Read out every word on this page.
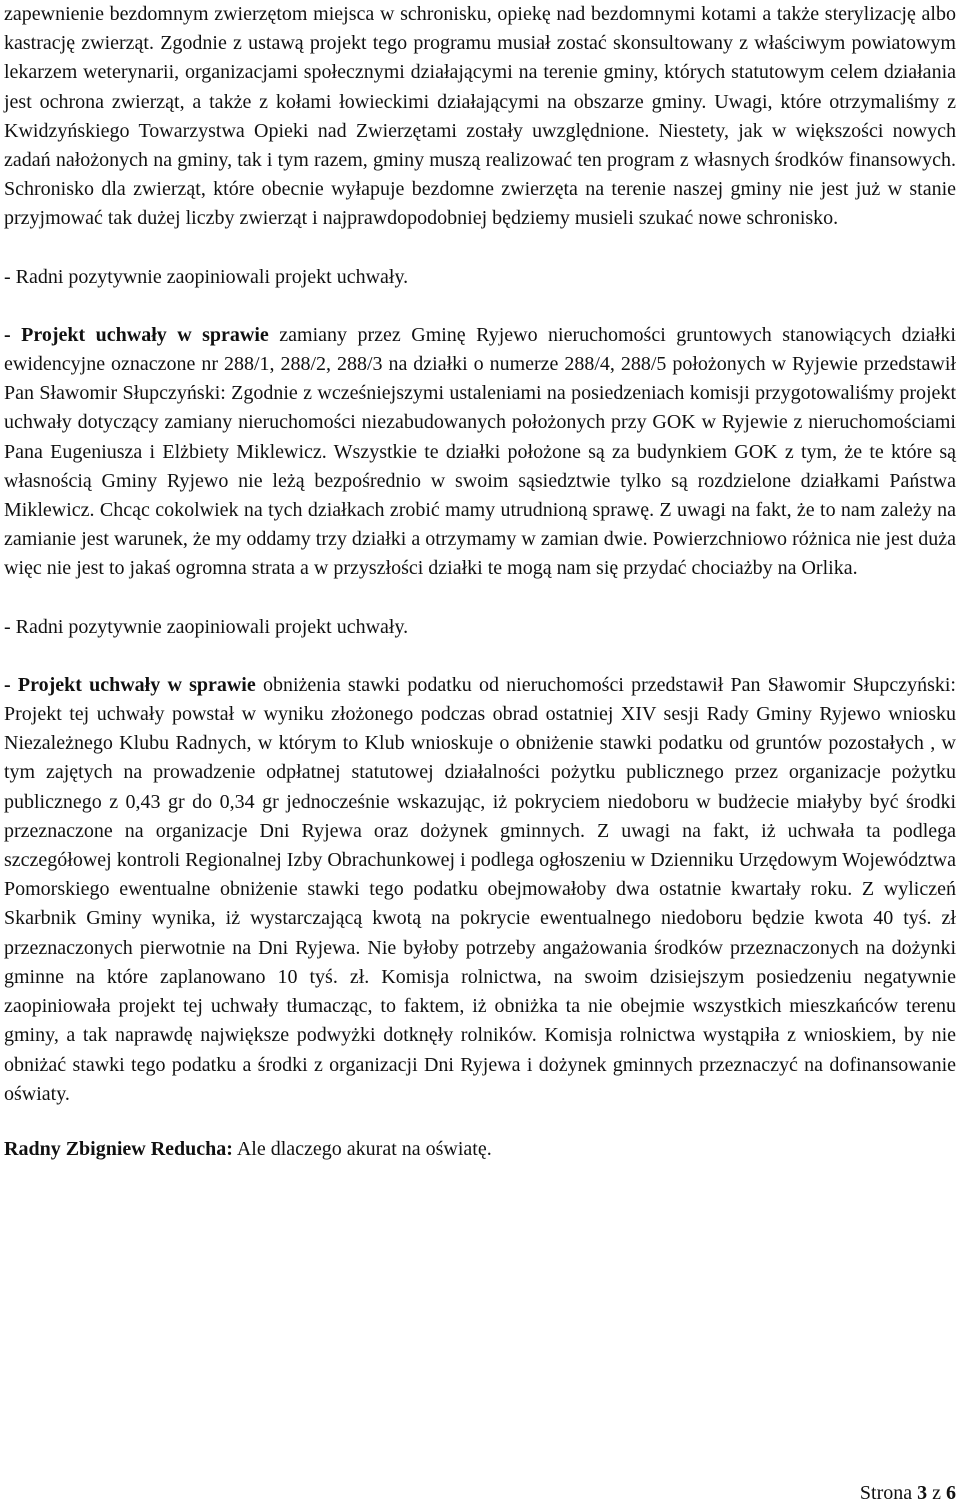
zapewnienie bezdomnym zwierzętom miejsca w schronisku, opiekę nad bezdomnymi kotami a także sterylizację albo kastrację zwierząt. Zgodnie z ustawą projekt tego programu musiał zostać skonsultowany z właściwym powiatowym lekarzem weterynarii, organizacjami społecznymi działającymi na terenie gminy, których statutowym celem działania jest ochrona zwierząt, a także z kołami łowieckimi działającymi na obszarze gminy. Uwagi, które otrzymaliśmy z Kwidzyńskiego Towarzystwa Opieki nad Zwierzętami zostały uwzględnione. Niestety, jak w większości nowych zadań nałożonych na gminy, tak i tym razem, gminy muszą realizować ten program z własnych środków finansowych. Schronisko dla zwierząt, które obecnie wyłapuje bezdomne zwierzęta na terenie naszej gminy nie jest już w stanie przyjmować tak dużej liczby zwierząt i najprawdopodobniej będziemy musieli szukać nowe schronisko.

- Radni pozytywnie zaopiniowali projekt uchwały.

- Projekt uchwały w sprawie zamiany przez Gminę Ryjewo nieruchomości gruntowych stanowiących działki ewidencyjne oznaczone nr 288/1, 288/2, 288/3 na działki o numerze 288/4, 288/5 położonych w Ryjewie przedstawił Pan Sławomir Słupczyński: Zgodnie z wcześniejszymi ustaleniami na posiedzeniach komisji przygotowaliśmy projekt uchwały dotyczący zamiany nieruchomości niezabudowanych położonych przy GOK w Ryjewie z nieruchomościami Pana Eugeniusza i Elżbiety Miklewicz. Wszystkie te działki położone są za budynkiem GOK z tym, że te które są własnością Gminy Ryjewo nie leżą bezpośrednio w swoim sąsiedztwie tylko są rozdzielone działkami Państwa Miklewicz. Chcąc cokolwiek na tych działkach zrobić mamy utrudnioną sprawę. Z uwagi na fakt, że to nam zależy na zamianie jest warunek, że my oddamy trzy działki a otrzymamy w zamian dwie. Powierzchniowo różnica nie jest duża więc nie jest to jakaś ogromna strata a w przyszłości działki te mogą nam się przydać chociażby na Orlika.

- Radni pozytywnie zaopiniowali projekt uchwały.

- Projekt uchwały w sprawie obniżenia stawki podatku od nieruchomości przedstawił Pan Sławomir Słupczyński: Projekt tej uchwały powstał w wyniku złożonego podczas obrad ostatniej XIV sesji Rady Gminy Ryjewo wniosku Niezależnego Klubu Radnych, w którym to Klub wnioskuje o obniżenie stawki podatku od gruntów pozostałych , w tym zajętych na prowadzenie odpłatnej statutowej działalności pożytku publicznego przez organizacje pożytku publicznego z 0,43 gr do 0,34 gr jednocześnie wskazując, iż pokryciem niedoboru w budżecie miałyby być środki przeznaczone na organizacje Dni Ryjewa oraz dożynek gminnych. Z uwagi na fakt, iż uchwała ta podlega szczegółowej kontroli Regionalnej Izby Obrachunkowej i podlega ogłoszeniu w Dzienniku Urzędowym Województwa Pomorskiego ewentualne obniżenie stawki tego podatku obejmowałoby dwa ostatnie kwartały roku. Z wyliczeń Skarbnik Gminy wynika, iż wystarczającą kwotą na pokrycie ewentualnego niedoboru będzie kwota 40 tyś. zł przeznaczonych pierwotnie na Dni Ryjewa. Nie byłoby potrzeby angażowania środków przeznaczonych na dożynki gminne na które zaplanowano 10 tyś. zł. Komisja rolnictwa, na swoim dzisiejszym posiedzeniu negatywnie zaopiniowała projekt tej uchwały tłumacząc, to faktem, iż obniżka ta nie obejmie wszystkich mieszkańców terenu gminy, a tak naprawdę największe podwyżki dotknęły rolników. Komisja rolnictwa wystąpiła z wnioskiem, by nie obniżać stawki tego podatku a środki z organizacji Dni Ryjewa i dożynek gminnych przeznaczyć na dofinansowanie oświaty.

Radny Zbigniew Reducha: Ale dlaczego akurat na oświatę.

Strona 3 z 6
